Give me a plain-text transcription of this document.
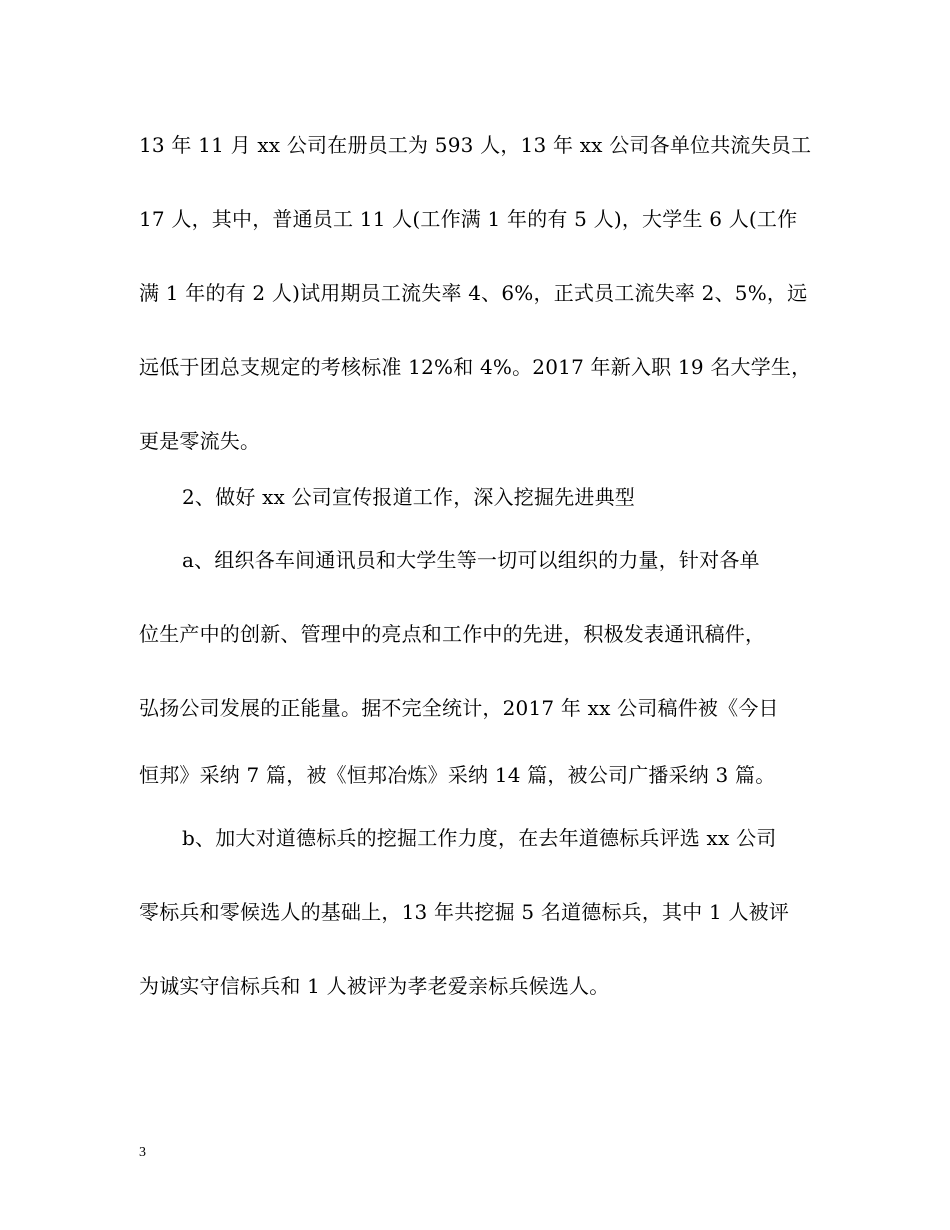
13 年 11 月 xx 公司在册员工为 593 人，13 年 xx 公司各单位共流失员工
17 人，其中，普通员工 11 人(工作满 1 年的有 5 人)，大学生 6 人(工作
满 1 年的有 2 人)试用期员工流失率 4、6%，正式员工流失率 2、5%，远
远低于团总支规定的考核标准 12%和 4%。2017 年新入职 19 名大学生，
更是零流失。
2、做好 xx 公司宣传报道工作，深入挖掘先进典型
a、组织各车间通讯员和大学生等一切可以组织的力量，针对各单
位生产中的创新、管理中的亮点和工作中的先进，积极发表通讯稿件，
弘扬公司发展的正能量。据不完全统计，2017 年 xx 公司稿件被《今日
恒邦》采纳 7 篇，被《恒邦冶炼》采纳 14 篇，被公司广播采纳 3 篇。
b、加大对道德标兵的挖掘工作力度，在去年道德标兵评选 xx 公司
零标兵和零候选人的基础上，13 年共挖掘 5 名道德标兵，其中 1 人被评
为诚实守信标兵和 1 人被评为孝老爱亲标兵候选人。
3
